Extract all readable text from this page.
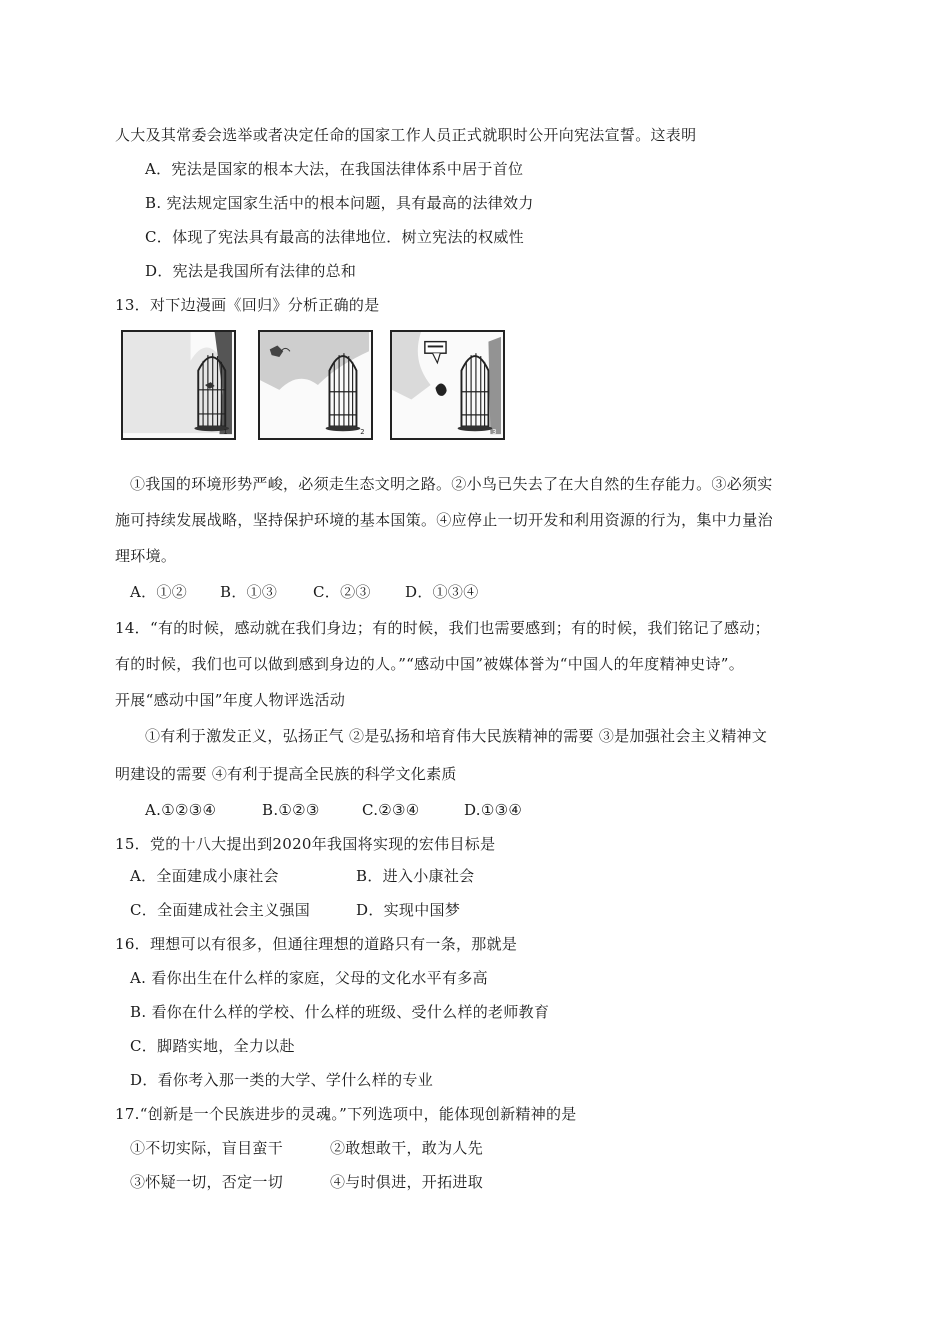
人大及其常委会选举或者决定任命的国家工作人员正式就职时公开向宪法宣誓。这表明
A．宪法是国家的根本大法，在我国法律体系中居于首位
B. 宪法规定国家生活中的根本问题，具有最高的法律效力
C．体现了宪法具有最高的法律地位．树立宪法的权威性
D．宪法是我国所有法律的总和
13．对下边漫画《回归》分析正确的是
1	2	3
①我国的环境形势严峻，必须走生态文明之路。②小鸟已失去了在大自然的生存能力。③必须实
施可持续发展战略，坚持保护环境的基本国策。④应停止一切开发和利用资源的行为，集中力量治
理环境。
A．①② B．①③ C．②③ D．①③④
14．“有的时候，感动就在我们身边；有的时候，我们也需要感到；有的时候，我们铭记了感动；
有的时候，我们也可以做到感到身边的人。”“感动中国”被媒体誉为“中国人的年度精神史诗”。
开展“感动中国”年度人物评选活动
①有利于激发正义，弘扬正气 ②是弘扬和培育伟大民族精神的需要 ③是加强社会主义精神文
明建设的需要 ④有利于提高全民族的科学文化素质
A.①②③④	B.①②③	C.②③④	D.①③④
15．党的十八大提出到2020年我国将实现的宏伟目标是
A．全面建成小康社会	B．进入小康社会
C．全面建成社会主义强国	D．实现中国梦
16．理想可以有很多，但通往理想的道路只有一条，那就是
A. 看你出生在什么样的家庭，父母的文化水平有多高
B. 看你在什么样的学校、什么样的班级、受什么样的老师教育
C．脚踏实地，全力以赴
D．看你考入那一类的大学、学什么样的专业
17.“创新是一个民族进步的灵魂。”下列选项中，能体现创新精神的是
①不切实际，盲目蛮干	②敢想敢干，敢为人先
③怀疑一切，否定一切	④与时俱进，开拓进取
